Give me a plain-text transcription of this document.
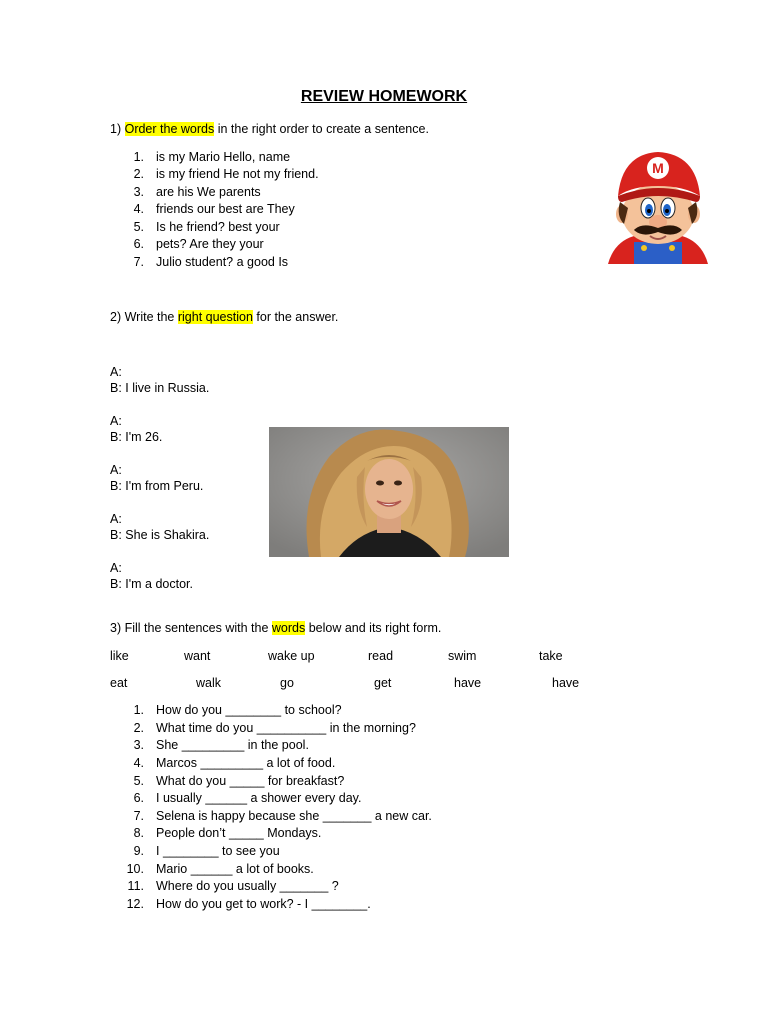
REVIEW HOMEWORK
1) Order the words in the right order to create a sentence.
1. is my Mario Hello, name
2. is my friend He not my friend.
3. are his We parents
4. friends our best are They
5. Is he friend? best your
6. pets? Are they your
7. Julio student? a good Is
M
2) Write the right question for the answer.
A:
B: I live in Russia.
A:
B: I'm 26.
A:
B: I'm from Peru.
A:
B: She is Shakira.
A:
B: I'm a doctor.
3) Fill the sentences with the words below and its right form.
like	want	wake up	read	swim	take
eat	walk	go	get	have	have
1. How do you ________ to school?
2. What time do you __________ in the morning?
3. She _________ in the pool.
4. Marcos _________ a lot of food.
5. What do you _____ for breakfast?
6. I usually ______ a shower every day.
7. Selena is happy because she _______ a new car.
8. People don’t _____ Mondays.
9. I ________ to see you
10. Mario ______ a lot of books.
11. Where do you usually _______ ?
12. How do you get to work? - I ________.
